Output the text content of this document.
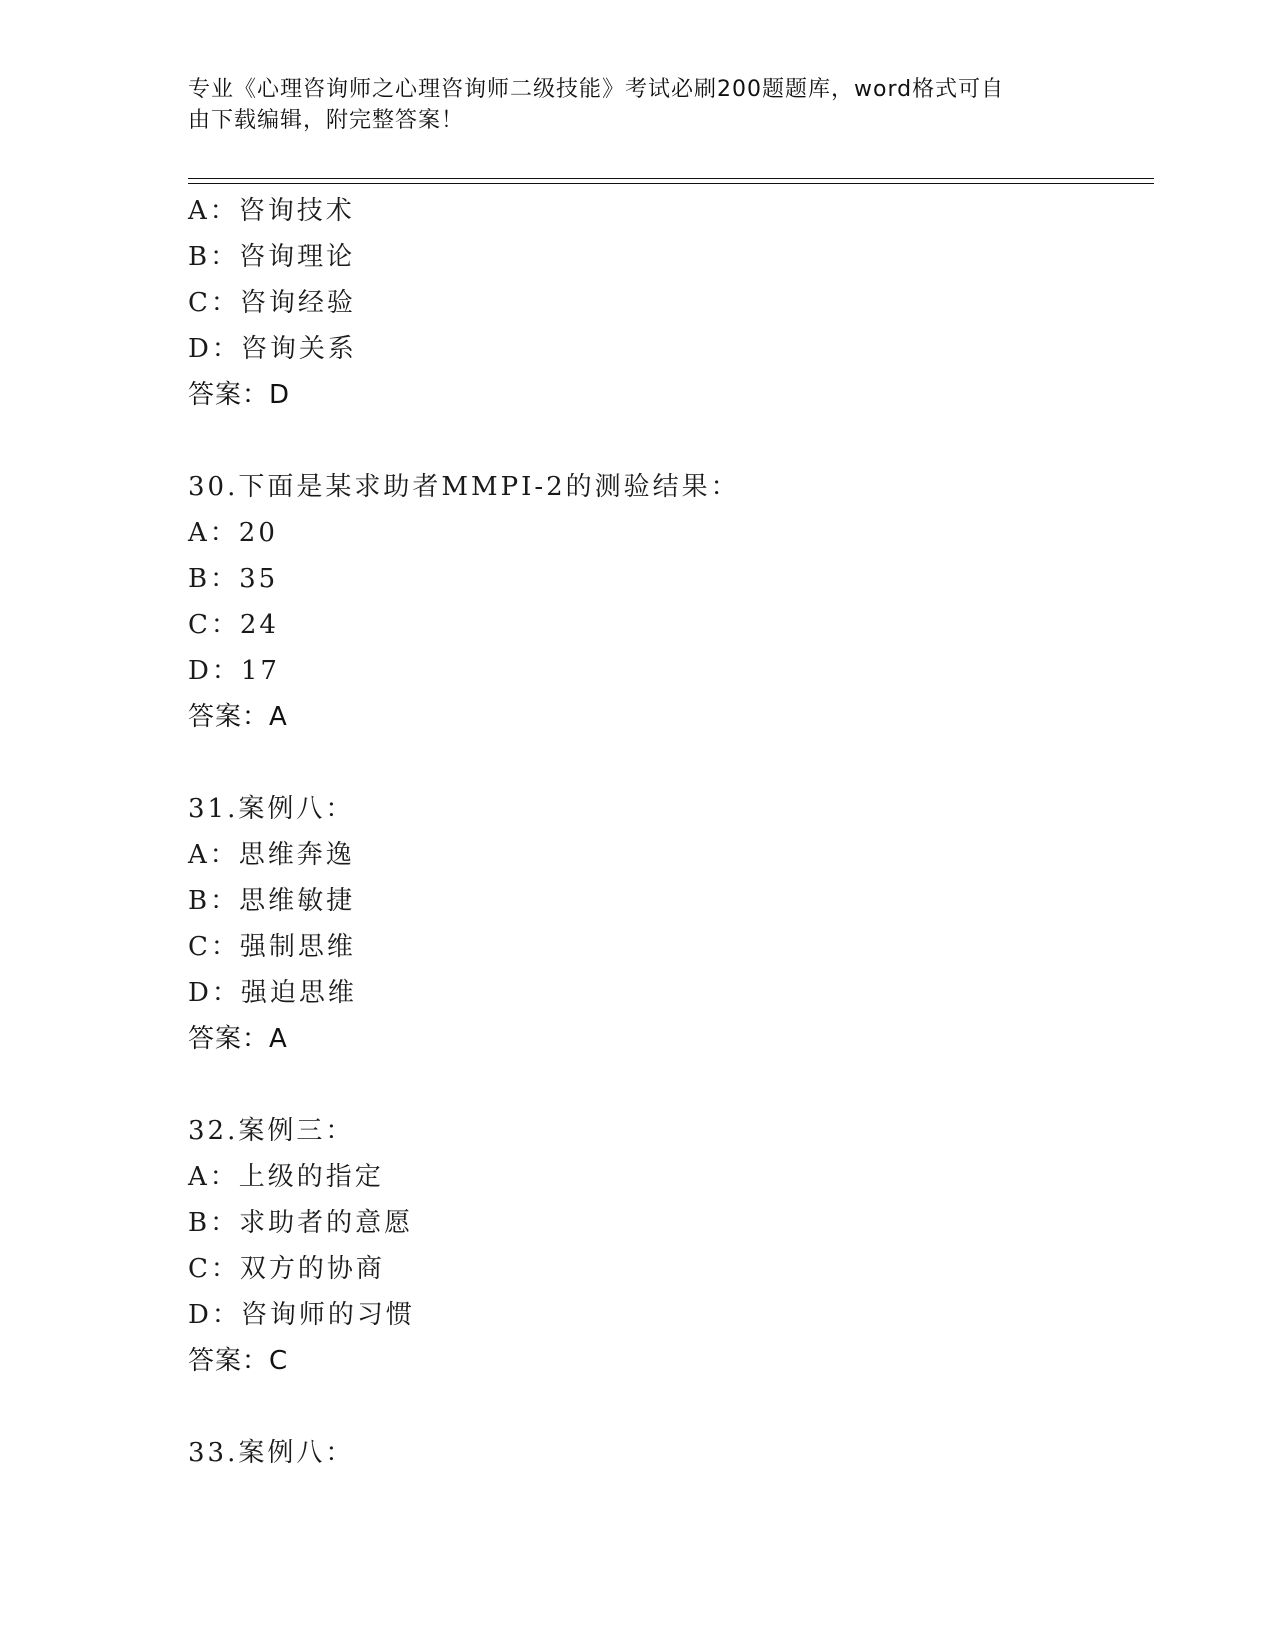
专业《心理咨询师之心理咨询师二级技能》考试必刷200题题库，word格式可自
由下载编辑，附完整答案！
A：咨询技术
B：咨询理论
C：咨询经验
D：咨询关系
答案：D
30.下面是某求助者MMPI-2的测验结果：
A：20
B：35
C：24
D：17
答案：A
31.案例八：
A：思维奔逸
B：思维敏捷
C：强制思维
D：强迫思维
答案：A
32.案例三：
A：上级的指定
B：求助者的意愿
C：双方的协商
D：咨询师的习惯
答案：C
33.案例八：
